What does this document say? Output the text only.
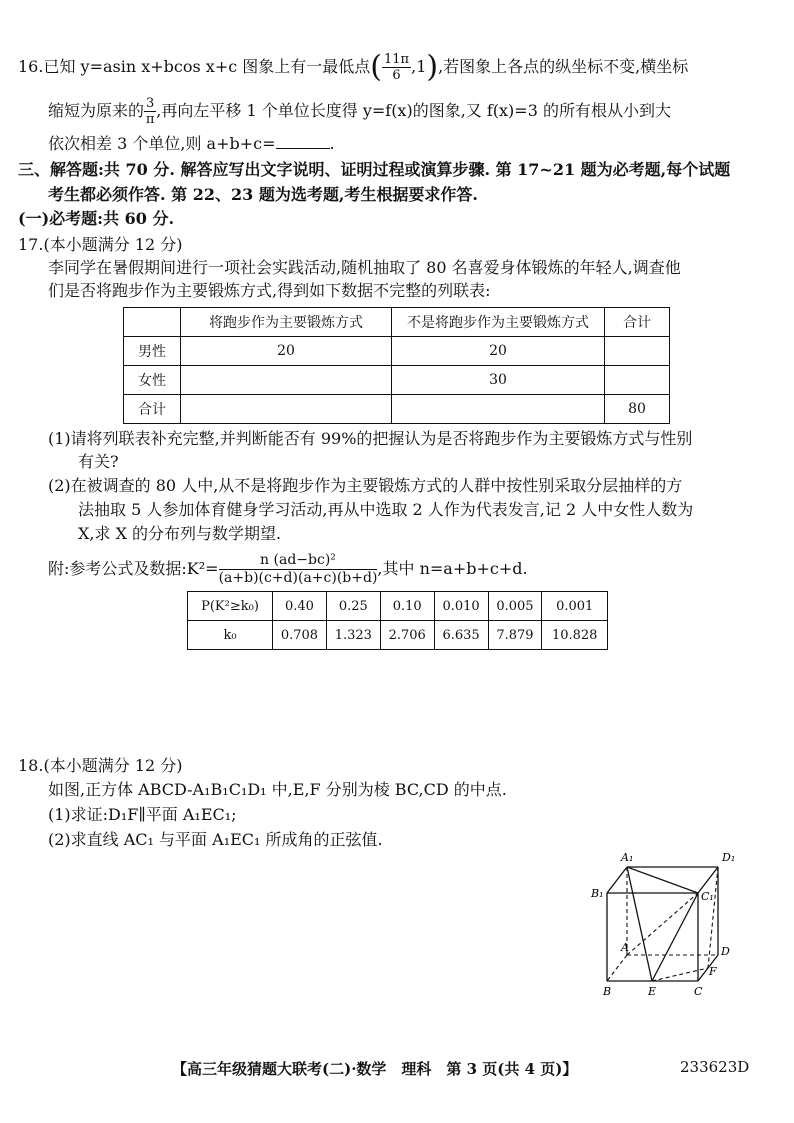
16.已知 y=asin x+bcos x+c 图象上有一最低点( $\frac{11\pi}{6} ,1$),若图象上各点的纵坐标不变,横坐标
缩短为原来的 $\frac{3}{\pi}$ ,再向左平移 1 个单位长度得 y=f(x)的图象,又 f(x)=3 的所有根从小到大
依次相差 3 个单位,则 a+b+c=	.
三、解答题:共 70 分. 解答应写出文字说明、证明过程或演算步骤. 第 17~21 题为必考题,每个试题
考生都必须作答. 第 22、23 题为选考题,考生根据要求作答.
(一)必考题:共 60 分.
17.(本小题满分 12 分)
李同学在暑假期间进行一项社会实践活动,随机抽取了 80 名喜爱身体锻炼的年轻人,调查他
们是否将跑步作为主要锻炼方式,得到如下数据不完整的列联表:
	将跑步作为主要锻炼方式	不是将跑步作为主要锻炼方式	合计
男性	20	20	
女性		30	
合计			80
(1)请将列联表补充完整,并判断能否有 99%的把握认为是否将跑步作为主要锻炼方式与性别
有关?
(2)在被调查的 80 人中,从不是将跑步作为主要锻炼方式的人群中按性别采取分层抽样的方
法抽取 5 人参加体育健身学习活动,再从中选取 2 人作为代表发言,记 2 人中女性人数为
X,求 X 的分布列与数学期望.
附:参考公式及数据:K²= $\frac{\text{n (ad−bc)²}}{(a+b)(c+d)(a+c)(b+d)}$ ,其中 n=a+b+c+d.
P(K²≥k₀)	0.40	0.25	0.10	0.010	0.005	0.001
k₀	0.708	1.323	2.706	6.635	7.879	10.828
18.(本小题满分 12 分)
如图,正方体 ABCD-A₁B₁C₁D₁ 中,E,F 分别为棱 BC,CD 的中点.
(1)求证:D₁F∥平面 A₁EC₁;
(2)求直线 AC₁ 与平面 A₁EC₁ 所成角的正弦值.
A₁	D₁
B₁	C₁
A	D
F
B	E	C
【高三年级猜题大联考(二)·数学　理科　第 3 页(共 4 页)】	233623D
